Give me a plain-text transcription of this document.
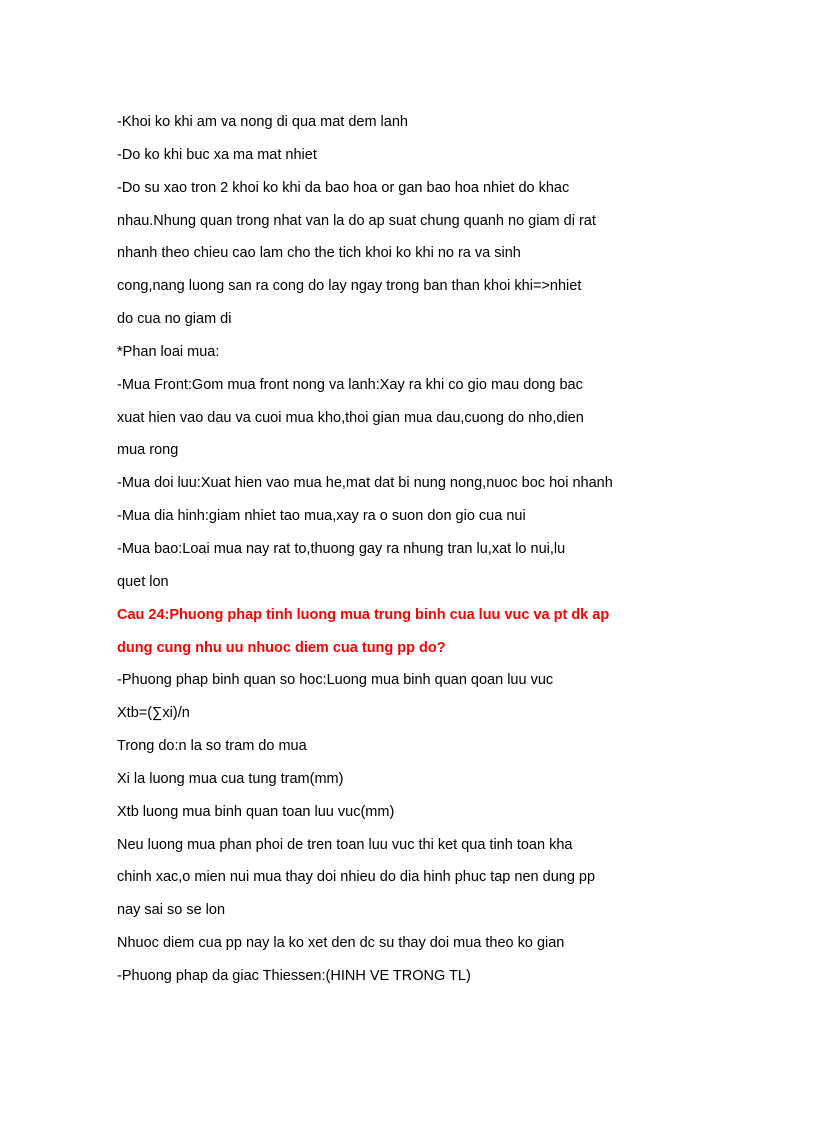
-Khoi ko khi am va nong di qua mat dem lanh
-Do ko khi buc xa ma mat nhiet
-Do su xao tron 2 khoi ko khi da bao hoa or gan bao hoa nhiet do khac
nhau.Nhung quan trong nhat van la do ap suat chung quanh no giam di rat
nhanh theo chieu cao lam cho the tich khoi ko khi no ra va sinh
cong,nang luong san ra cong do lay ngay trong ban than khoi khi=>nhiet
do cua no giam di
*Phan loai mua:
-Mua Front:Gom mua front nong va lanh:Xay ra khi co gio mau dong bac
xuat hien vao dau va cuoi mua kho,thoi gian mua dau,cuong do nho,dien
mua rong
-Mua doi luu:Xuat hien vao mua he,mat dat bi nung nong,nuoc boc hoi nhanh
-Mua dia hinh:giam nhiet tao mua,xay ra o suon don gio cua nui
-Mua bao:Loai mua nay rat to,thuong gay ra nhung tran lu,xat lo nui,lu
quet lon
Cau 24:Phuong phap tinh luong mua trung binh cua luu vuc va pt dk ap
dung cung nhu uu nhuoc diem cua tung pp do?
-Phuong phap binh quan so hoc:Luong mua binh quan qoan luu vuc
Xtb=(∑xi)/n
Trong do:n la so tram do mua
Xi la luong mua cua tung tram(mm)
Xtb luong mua binh quan toan luu vuc(mm)
Neu luong mua phan phoi de tren toan luu vuc thi ket qua tinh toan kha
chinh xac,o mien nui mua thay doi nhieu do dia hinh phuc tap nen dung pp
nay sai so se lon
Nhuoc diem cua pp nay la ko xet den dc su thay doi mua theo ko gian
-Phuong phap da giac Thiessen:(HINH VE TRONG TL)
